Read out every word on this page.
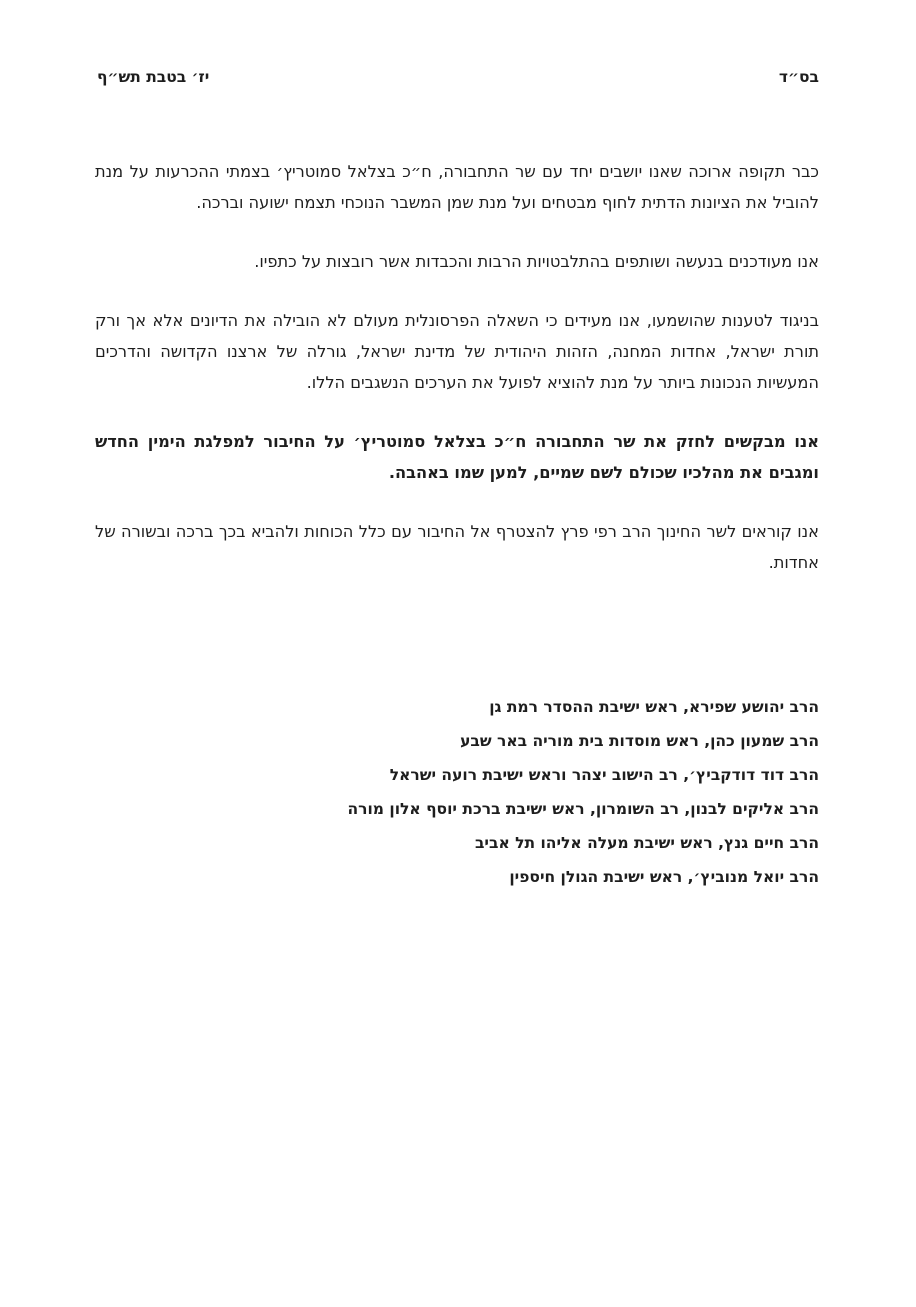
בס״ד
יז׳ בטבת תש״ף

כבר תקופה ארוכה שאנו יושבים יחד עם שר התחבורה, ח״כ בצלאל סמוטריץ׳ בצמתי ההכרעות על מנת להוביל את הציונות הדתית לחוף מבטחים ועל מנת שמן המשבר הנוכחי תצמח ישועה וברכה.

אנו מעודכנים בנעשה ושותפים בהתלבטויות הרבות והכבדות אשר רובצות על כתפיו.

בניגוד לטענות שהושמעו, אנו מעידים כי השאלה הפרסונלית מעולם לא הובילה את הדיונים אלא אך ורק תורת ישראל, אחדות המחנה, הזהות היהודית של מדינת ישראל, גורלה של ארצנו הקדושה והדרכים המעשיות הנכונות ביותר על מנת להוציא לפועל את הערכים הנשגבים הללו.

אנו מבקשים לחזק את שר התחבורה ח״כ בצלאל סמוטריץ׳ על החיבור למפלגת הימין החדש ומגבים את מהלכיו שכולם לשם שמיים, למען שמו באהבה.

אנו קוראים לשר החינוך הרב רפי פרץ להצטרף אל החיבור עם כלל הכוחות ולהביא בכך ברכה ובשורה של אחדות.

הרב יהושע שפירא, ראש ישיבת ההסדר רמת גן
הרב שמעון כהן, ראש מוסדות בית מוריה באר שבע
הרב דוד דודקביץ׳, רב הישוב יצהר וראש ישיבת רועה ישראל
הרב אליקים לבנון, רב השומרון, ראש ישיבת ברכת יוסף אלון מורה
הרב חיים גנץ, ראש ישיבת מעלה אליהו תל אביב
הרב יואל מנוביץ׳, ראש ישיבת הגולן חיספין
